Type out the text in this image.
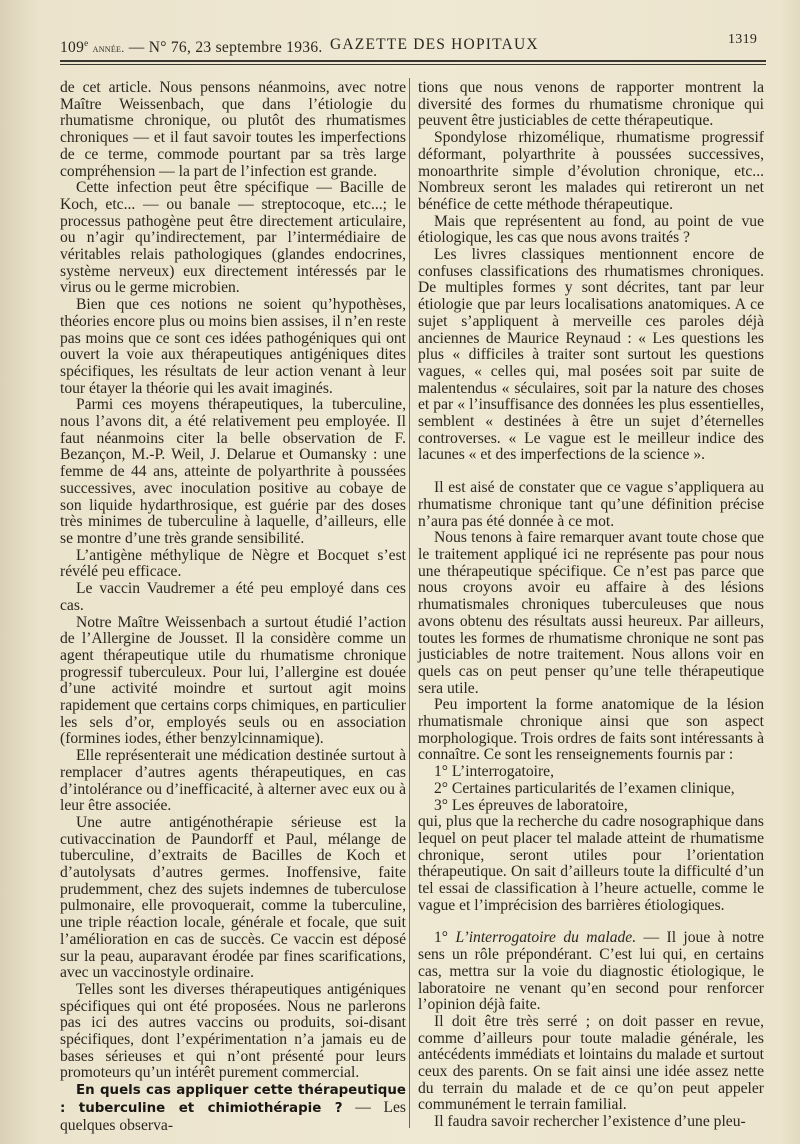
109e année. — N° 76, 23 septembre 1936. GAZETTE DES HOPITAUX	1319

de cet article. Nous pensons néanmoins, avec notre Maître Weissenbach, que dans l’étiologie du rhumatisme chronique, ou plutôt des rhumatismes chroniques — et il faut savoir toutes les imperfections de ce terme, commode pourtant par sa très large compréhension — la part de l’infection est grande.

Cette infection peut être spécifique — Bacille de Koch, etc... — ou banale — streptocoque, etc...; le processus pathogène peut être directement articulaire, ou n’agir qu’indirectement, par l’intermédiaire de véritables relais pathologiques (glandes endocrines, système nerveux) eux directement intéressés par le virus ou le germe microbien.

Bien que ces notions ne soient qu’hypothèses, théories encore plus ou moins bien assises, il n’en reste pas moins que ce sont ces idées pathogéniques qui ont ouvert la voie aux thérapeutiques antigéniques dites spécifiques, les résultats de leur action venant à leur tour étayer la théorie qui les avait imaginés.

Parmi ces moyens thérapeutiques, la tuberculine, nous l’avons dit, a été relativement peu employée. Il faut néanmoins citer la belle observation de F. Bezançon, M.-P. Weil, J. Delarue et Oumansky : une femme de 44 ans, atteinte de polyarthrite à poussées successives, avec inoculation positive au cobaye de son liquide hydarthrosique, est guérie par des doses très minimes de tuberculine à laquelle, d’ailleurs, elle se montre d’une très grande sensibilité.

L’antigène méthylique de Nègre et Bocquet s’est révélé peu efficace.

Le vaccin Vaudremer a été peu employé dans ces cas.

Notre Maître Weissenbach a surtout étudié l’action de l’Allergine de Jousset. Il la considère comme un agent thérapeutique utile du rhumatisme chronique progressif tuberculeux. Pour lui, l’allergine est douée d’une activité moindre et surtout agit moins rapidement que certains corps chimiques, en particulier les sels d’or, employés seuls ou en association (formines iodes, éther benzylcinnamique).

Elle représenterait une médication destinée surtout à remplacer d’autres agents thérapeutiques, en cas d’intolérance ou d’inefficacité, à alterner avec eux ou à leur être associée.

Une autre antigénothérapie sérieuse est la cutivaccination de Paundorff et Paul, mélange de tuberculine, d’extraits de Bacilles de Koch et d’autolysats d’autres germes. Inoffensive, faite prudemment, chez des sujets indemnes de tuberculose pulmonaire, elle provoquerait, comme la tuberculine, une triple réaction locale, générale et focale, que suit l’amélioration en cas de succès. Ce vaccin est déposé sur la peau, auparavant érodée par fines scarifications, avec un vaccinostyle ordinaire.

Telles sont les diverses thérapeutiques antigéniques spécifiques qui ont été proposées. Nous ne parlerons pas ici des autres vaccins ou produits, soi-disant spécifiques, dont l’expérimentation n’a jamais eu de bases sérieuses et qui n’ont présenté pour leurs promoteurs qu’un intérêt purement commercial.

En quels cas appliquer cette thérapeutique : tuberculine et chimiothérapie ? — Les quelques observa-

tions que nous venons de rapporter montrent la diversité des formes du rhumatisme chronique qui peuvent être justiciables de cette thérapeutique.

Spondylose rhizomélique, rhumatisme progressif déformant, polyarthrite à poussées successives, monoarthrite simple d’évolution chronique, etc... Nombreux seront les malades qui retireront un net bénéfice de cette méthode thérapeutique.

Mais que représentent au fond, au point de vue étiologique, les cas que nous avons traités ?

Les livres classiques mentionnent encore de confuses classifications des rhumatismes chroniques. De multiples formes y sont décrites, tant par leur étiologie que par leurs localisations anatomiques. A ce sujet s’appliquent à merveille ces paroles déjà anciennes de Maurice Reynaud : « Les questions les plus « difficiles à traiter sont surtout les questions vagues, « celles qui, mal posées soit par suite de malentendus « séculaires, soit par la nature des choses et par « l’insuffisance des données les plus essentielles, semblent « destinées à être un sujet d’éternelles controverses. « Le vague est le meilleur indice des lacunes « et des imperfections de la science ».

Il est aisé de constater que ce vague s’appliquera au rhumatisme chronique tant qu’une définition précise n’aura pas été donnée à ce mot.

Nous tenons à faire remarquer avant toute chose que le traitement appliqué ici ne représente pas pour nous une thérapeutique spécifique. Ce n’est pas parce que nous croyons avoir eu affaire à des lésions rhumatismales chroniques tuberculeuses que nous avons obtenu des résultats aussi heureux. Par ailleurs, toutes les formes de rhumatisme chronique ne sont pas justiciables de notre traitement. Nous allons voir en quels cas on peut penser qu’une telle thérapeutique sera utile.

Peu importent la forme anatomique de la lésion rhumatismale chronique ainsi que son aspect morphologique. Trois ordres de faits sont intéressants à connaître. Ce sont les renseignements fournis par :

1° L’interrogatoire,

2° Certaines particularités de l’examen clinique,

3° Les épreuves de laboratoire,

qui, plus que la recherche du cadre nosographique dans lequel on peut placer tel malade atteint de rhumatisme chronique, seront utiles pour l’orientation thérapeutique. On sait d’ailleurs toute la difficulté d’un tel essai de classification à l’heure actuelle, comme le vague et l’imprécision des barrières étiologiques.

1° L’interrogatoire du malade. — Il joue à notre sens un rôle prépondérant. C’est lui qui, en certains cas, mettra sur la voie du diagnostic étiologique, le laboratoire ne venant qu’en second pour renforcer l’opinion déjà faite.

Il doit être très serré ; on doit passer en revue, comme d’ailleurs pour toute maladie générale, les antécédents immédiats et lointains du malade et surtout ceux des parents. On se fait ainsi une idée assez nette du terrain du malade et de ce qu’on peut appeler communément le terrain familial.

Il faudra savoir rechercher l’existence d’une pleu-
